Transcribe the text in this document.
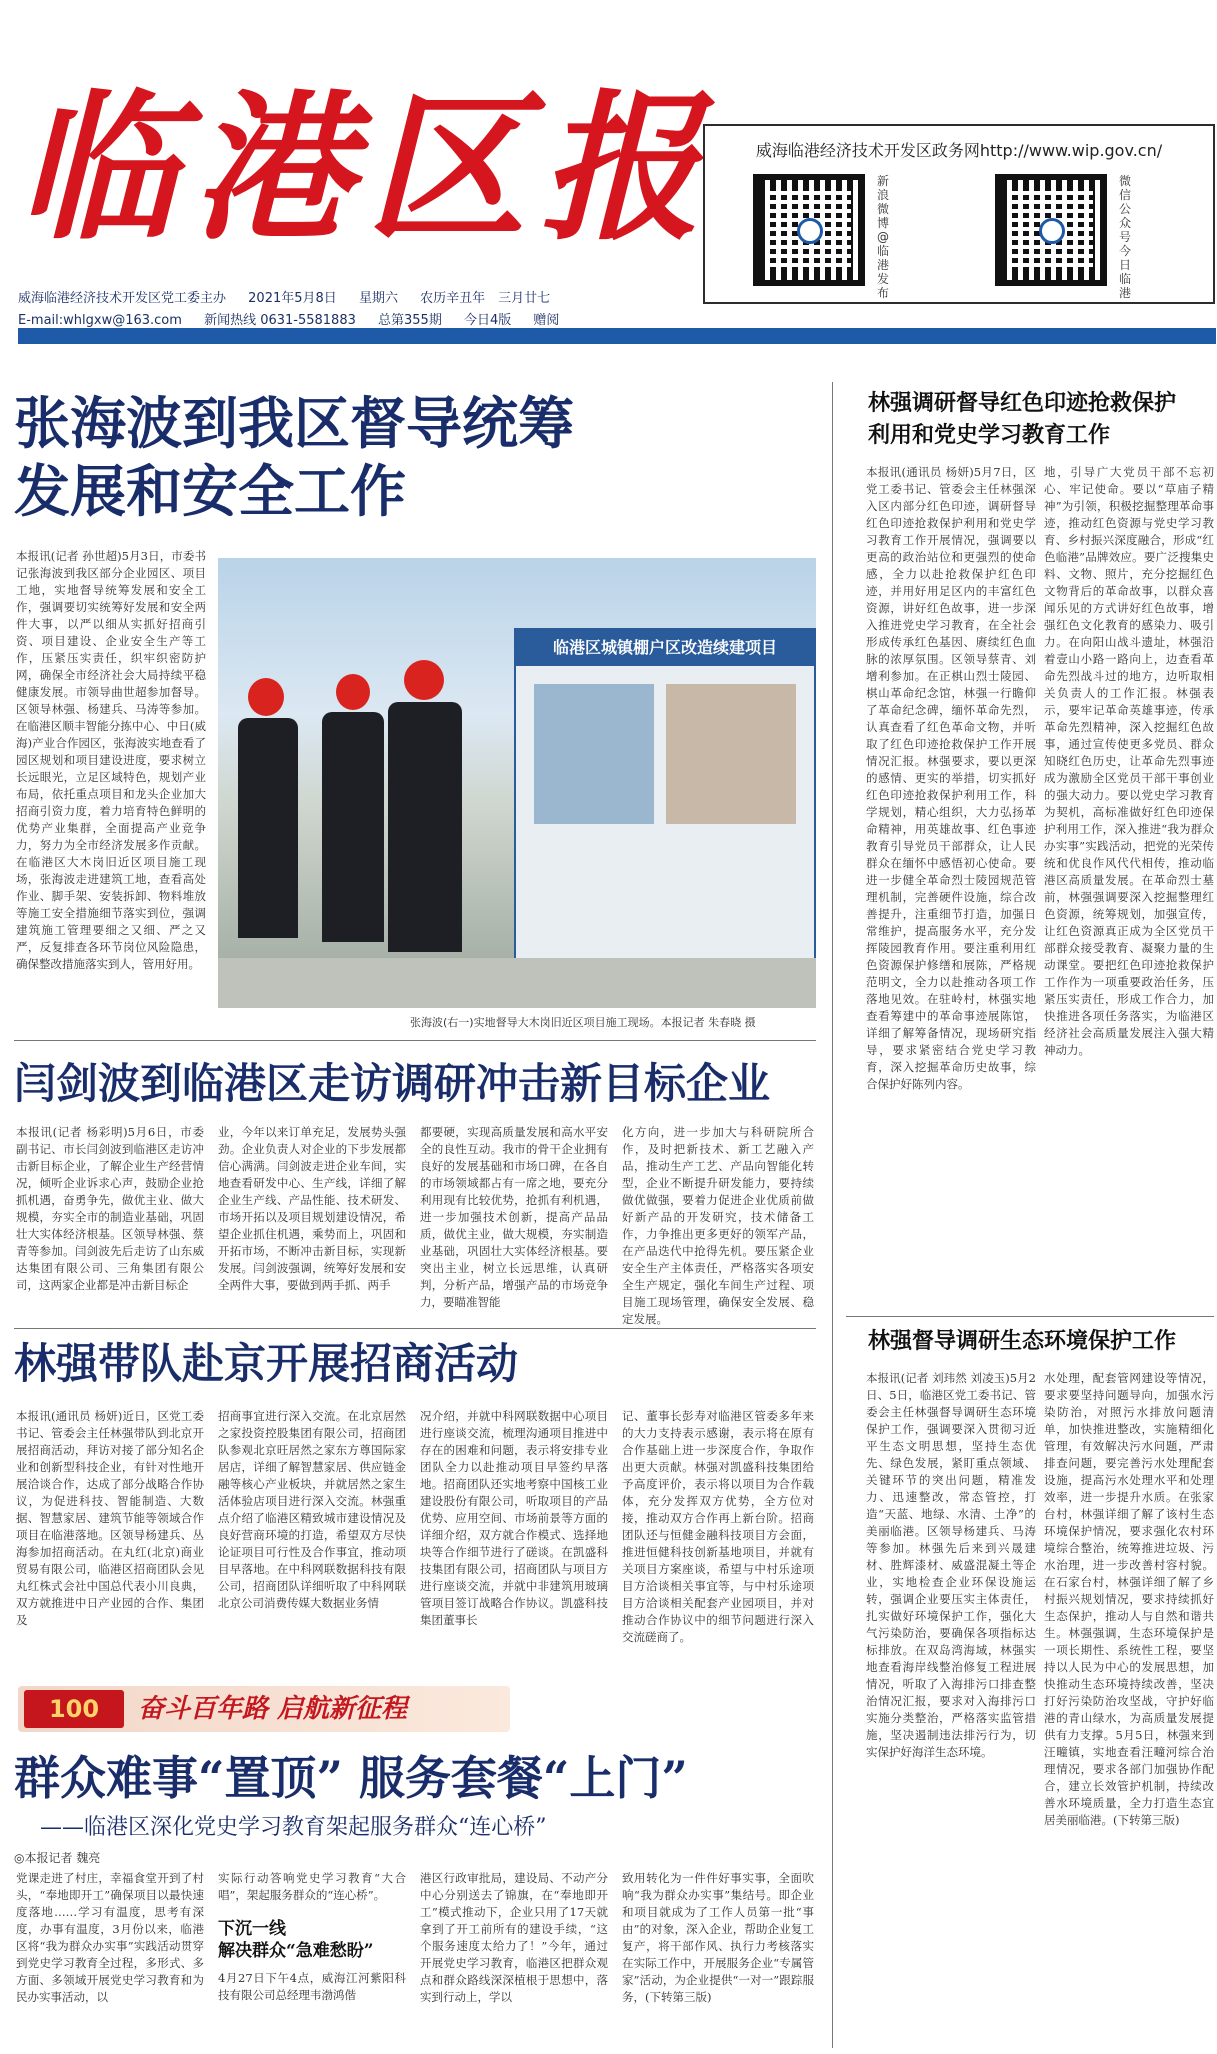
临港区报
威海临港经济技术开发区党工委主办 2021年5月8日 星期六 农历辛丑年　三月廿七
E-mail:whlgxw@163.com 新闻热线 0631-5581883 总第355期 今日4版 赠阅
威海临港经济技术开发区政务网http://www.wip.gov.cn/
新浪微博@临港发布
微信公众号今日临港
张海波到我区督导统筹
发展和安全工作
本报讯(记者 孙世超)5月3日，市委书记张海波到我区部分企业园区、项目工地，实地督导统筹发展和安全工作，强调要切实统筹好发展和安全两件大事，以严以细从实抓好招商引资、项目建设、企业安全生产等工作，压紧压实责任，织牢织密防护网，确保全市经济社会大局持续平稳健康发展。市领导曲世超参加督导。区领导林强、杨建兵、马涛等参加。在临港区顺丰智能分拣中心、中日(威海)产业合作园区，张海波实地查看了园区规划和项目建设进度，要求树立长远眼光，立足区域特色，规划产业布局，依托重点项目和龙头企业加大招商引资力度，着力培育特色鲜明的优势产业集群，全面提高产业竞争力，努力为全市经济发展多作贡献。在临港区大木岗旧近区项目施工现场，张海波走进建筑工地，查看高处作业、脚手架、安装拆卸、物料堆放等施工安全措施细节落实到位，强调建筑施工管理要细之又细、严之又严，反复排查各环节岗位风险隐患，确保整改措施落实到人，管用好用。
临港区城镇棚户区改造续建项目
张海波(右一)实地督导大木岗旧近区项目施工现场。本报记者 朱春晓 摄
闫剑波到临港区走访调研冲击新目标企业
本报讯(记者 杨彩明)5月6日，市委副书记、市长闫剑波到临港区走访冲击新目标企业，了解企业生产经营情况，倾听企业诉求心声，鼓励企业抢抓机遇，奋勇争先，做优主业、做大规模，夯实全市的制造业基础，巩固壮大实体经济根基。区领导林强、蔡青等参加。闫剑波先后走访了山东威达集团有限公司、三角集团有限公司，这两家企业都是冲击新目标企
业，今年以来订单充足，发展势头强劲。企业负责人对企业的下步发展都信心满满。闫剑波走进企业车间，实地查看研发中心、生产线，详细了解企业生产线、产品性能、技术研发、市场开拓以及项目规划建设情况，希望企业抓住机遇，乘势而上，巩固和开拓市场，不断冲击新目标，实现新发展。闫剑波强调，统筹好发展和安全两件大事，要做到两手抓、两手
都要硬，实现高质量发展和高水平安全的良性互动。我市的骨干企业拥有良好的发展基础和市场口碑，在各自的市场领域都占有一席之地，要充分利用现有比较优势，抢抓有利机遇，进一步加强技术创新，提高产品品质，做优主业，做大规模，夯实制造业基础，巩固壮大实体经济根基。要突出主业，树立长远思维，认真研判，分析产品，增强产品的市场竞争力，要瞄准智能
化方向，进一步加大与科研院所合作，及时把新技术、新工艺融入产品，推动生产工艺、产品向智能化转型，企业不断提升研发能力，要持续做优做强，要着力促进企业优质前做好新产品的开发研究，技术储备工作，力争推出更多更好的领军产品，在产品迭代中抢得先机。要压紧企业安全生产主体责任，严格落实各项安全生产规定，强化车间生产过程、项目施工现场管理，确保安全发展、稳定发展。
林强带队赴京开展招商活动
本报讯(通讯员 杨妍)近日，区党工委书记、管委会主任林强带队到北京开展招商活动，拜访对接了部分知名企业和创新型科技企业，有针对性地开展洽谈合作，达成了部分战略合作协议，为促进科技、智能制造、大数据、智慧家居、建筑节能等领域合作项目在临港落地。区领导杨建兵、丛海参加招商活动。在丸红(北京)商业贸易有限公司，临港区招商团队会见丸红株式会社中国总代表小川良典，双方就推进中日产业园的合作、集团及
招商事宜进行深入交流。在北京居然之家投资控股集团有限公司，招商团队参观北京旺居然之家东方尊国际家居店，详细了解智慧家居、供应链金融等核心产业板块，并就居然之家生活体验店项目进行深入交流。林强重点介绍了临港区精致城市建设情况及良好营商环境的打造，希望双方尽快论证项目可行性及合作事宜，推动项目早落地。在中科网联数据科技有限公司，招商团队详细听取了中科网联北京公司消费传媒大数据业务情
况介绍，并就中科网联数据中心项目进行座谈交流，梳理沟通项目推进中存在的困难和问题，表示将安排专业团队全力以赴推动项目早签约早落地。招商团队还实地考察中国核工业建设股份有限公司，听取项目的产品优势、应用空间、市场前景等方面的详细介绍，双方就合作模式、选择地块等合作细节进行了磋谈。在凯盛科技集团有限公司，招商团队与项目方进行座谈交流，并就中非建筑用玻璃管项目签订战略合作协议。凯盛科技集团董事长
记、董事长彭寿对临港区管委多年来的大力支持表示感谢，表示将在原有合作基础上进一步深度合作，争取作出更大贡献。林强对凯盛科技集团给予高度评价，表示将以项目为合作载体，充分发挥双方优势，全方位对接，推动双方合作再上新台阶。招商团队还与恒健金融科技项目方会面，推进恒健科技创新基地项目，并就有关项目方案座谈，希望与中村乐途项目方洽谈相关事宜等，与中村乐途项目方洽谈相关配套产业园项目，并对推动合作协议中的细节问题进行深入交流磋商了。
100	奋斗百年路 启航新征程
群众难事“置顶” 服务套餐“上门”
——临港区深化党史学习教育架起服务群众“连心桥”
◎本报记者 魏亮
党课走进了村庄，幸福食堂开到了村头，“奉地即开工”确保项目以最快速度落地……学习有温度，思考有深度，办事有温度，3月份以来，临港区将“我为群众办实事”实践活动贯穿到党史学习教育全过程，多形式、多方面、多领域开展党史学习教育和为民办实事活动，以
实际行动答响党史学习教育“大合唱”，架起服务群众的“连心桥”。
下沉一线
解决群众“急难愁盼”
4月27日下午4点，威海江河紫阳科技有限公司总经理韦渤鸿偕
港区行政审批局，建设局、不动产分中心分别送去了锦旗，在“奉地即开工”模式推动下，企业只用了17天就拿到了开工前所有的建设手续，“这个服务速度太给力了！”今年，通过开展党史学习教育，临港区把群众观点和群众路线深深植根于思想中，落实到行动上，学以
致用转化为一件件好事实事，全面吹响“我为群众办实事”集结号。即企业和项目就成为了工作人员第一批“事由”的对象，深入企业，帮助企业复工复产，将干部作风、执行力考核落实在实际工作中，开展服务企业“专属管家”活动，为企业提供“一对一”跟踪服务，(下转第三版)
林强调研督导红色印迹抢救保护
利用和党史学习教育工作
本报讯(通讯员 杨妍)5月7日，区党工委书记、管委会主任林强深入区内部分红色印迹，调研督导红色印迹抢救保护利用和党史学习教育工作开展情况，强调要以更高的政治站位和更强烈的使命感，全力以赴抢救保护红色印迹，并用好用足区内的丰富红色资源，讲好红色故事，进一步深入推进党史学习教育，在全社会形成传承红色基因、赓续红色血脉的浓厚氛围。区领导蔡青、刘增利参加。在正棋山烈士陵园、棋山革命纪念馆，林强一行瞻仰了革命纪念碑，缅怀革命先烈，认真查看了红色革命文物，并听取了红色印迹抢救保护工作开展情况汇报。林强要求，要以更深的感情、更实的举措，切实抓好红色印迹抢救保护利用工作，科学规划，精心组织，大力弘扬革命精神，用英雄故事、红色事迹教育引导党员干部群众，让人民群众在缅怀中感悟初心使命。要进一步健全革命烈士陵园规范管理机制，完善硬件设施，综合改善提升，注重细节打造，加强日常维护，提高服务水平，充分发挥陵园教育作用。要注重利用红色资源保护修缮和展陈，严格规范明文，全力以赴推动各项工作落地见效。在驻岭村，林强实地查看筹建中的革命事迹展陈馆，详细了解筹备情况，现场研究指导，要求紧密结合党史学习教育，深入挖掘革命历史故事，综合保护好陈列内容。
地，引导广大党员干部不忘初心、牢记使命。要以“草庙子精神”为引领，积极挖掘整理革命事迹，推动红色资源与党史学习教育、乡村振兴深度融合，形成“红色临港”品牌效应。要广泛搜集史料、文物、照片，充分挖掘红色文物背后的革命故事，以群众喜闻乐见的方式讲好红色故事，增强红色文化教育的感染力、吸引力。在向阳山战斗遗址，林强沿着壹山小路一路向上，边查看革命先烈战斗过的地方，边听取相关负责人的工作汇报。林强表示，要牢记革命英雄事迹，传承革命先烈精神，深入挖掘红色故事，通过宣传使更多党员、群众知晓红色历史，让革命先烈事迹成为激励全区党员干部干事创业的强大动力。要以党史学习教育为契机，高标准做好红色印迹保护利用工作，深入推进“我为群众办实事”实践活动，把党的光荣传统和优良作风代代相传，推动临港区高质量发展。在革命烈士墓前，林强强调要深入挖掘整理红色资源，统筹规划，加强宣传，让红色资源真正成为全区党员干部群众接受教育、凝聚力量的生动课堂。要把红色印迹抢救保护工作作为一项重要政治任务，压紧压实责任，形成工作合力，加快推进各项任务落实，为临港区经济社会高质量发展注入强大精神动力。
林强督导调研生态环境保护工作
本报讯(记者 刘玮然 刘凌玉)5月2日、5日，临港区党工委书记、管委会主任林强督导调研生态环境保护工作，强调要深入贯彻习近平生态文明思想，坚持生态优先、绿色发展，紧盯重点领域、关键环节的突出问题，精准发力、迅速整改，常态管控，打造“天蓝、地绿、水清、土净”的美丽临港。区领导杨建兵、马涛等参加。林强先后来到兴晟建材、胜辉漆材、威盛混凝土等企业，实地检查企业环保设施运转，强调企业要压实主体责任，扎实做好环境保护工作，强化大气污染防治，要确保各项指标达标排放。在双岛湾海域，林强实地查看海岸线整治修复工程进展情况，听取了入海排污口排查整治情况汇报，要求对入海排污口实施分类整治，严格落实监管措施，坚决遏制违法排污行为，切实保护好海洋生态环境。
水处理，配套管网建设等情况，要求要坚持问题导向，加强水污染防治，对照污水排放问题清单，加快推进整改，实施精细化管理，有效解决污水问题，严肃排查问题，要完善污水处理配套设施，提高污水处理水平和处理效率，进一步提升水质。在张家台村，林强详细了解了该村生态环境保护情况，要求强化农村环境综合整治，统筹推进垃圾、污水治理，进一步改善村容村貌。在石家台村，林强详细了解了乡村振兴规划情况，要求持续抓好生态保护，推动人与自然和谐共生。林强强调，生态环境保护是一项长期性、系统性工程，要坚持以人民为中心的发展思想，加快推动生态环境持续改善，坚决打好污染防治攻坚战，守护好临港的青山绿水，为高质量发展提供有力支撑。5月5日，林强来到汪疃镇，实地查看汪疃河综合治理情况，要求各部门加强协作配合，建立长效管护机制，持续改善水环境质量，全力打造生态宜居美丽临港。(下转第三版)
